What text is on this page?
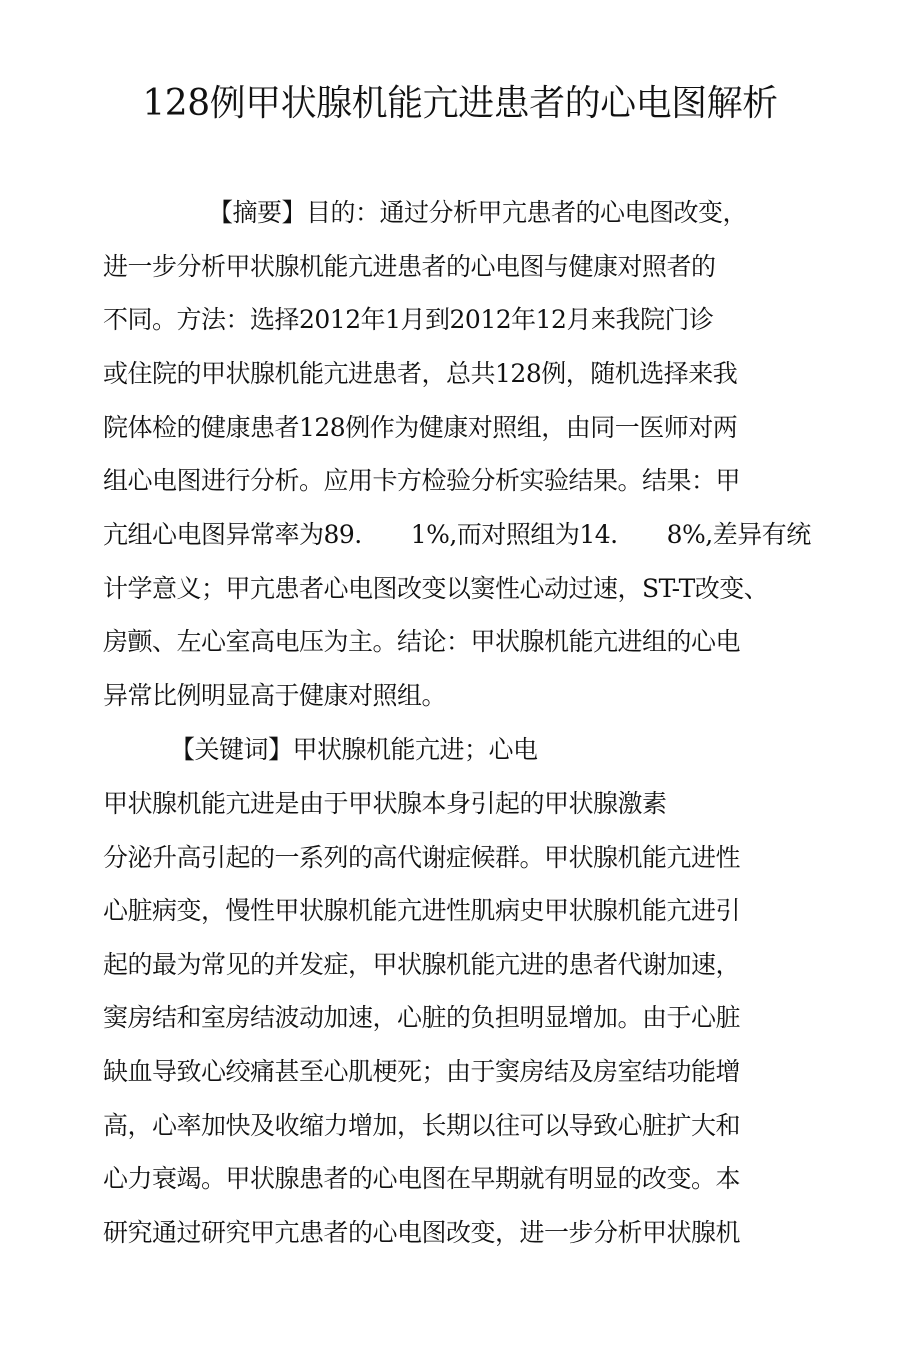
128例甲状腺机能亢进患者的心电图解析
【摘要】目的：通过分析甲亢患者的心电图改变，
进一步分析甲状腺机能亢进患者的心电图与健康对照者的
不同。方法：选择2012年1月到2012年12月来我院门诊
或住院的甲状腺机能亢进患者，总共128例，随机选择来我
院体检的健康患者128例作为健康对照组，由同一医师对两
组心电图进行分析。应用卡方检验分析实验结果。结果：甲
亢组心电图异常率为89.　　1%,而对照组为14.　　8%,差异有统
计学意义；甲亢患者心电图改变以窦性心动过速，ST-T改变、
房颤、左心室高电压为主。结论：甲状腺机能亢进组的心电
异常比例明显高于健康对照组。
【关键词】甲状腺机能亢进；心电
甲状腺机能亢进是由于甲状腺本身引起的甲状腺激素
分泌升高引起的一系列的高代谢症候群。甲状腺机能亢进性
心脏病变，慢性甲状腺机能亢进性肌病史甲状腺机能亢进引
起的最为常见的并发症，甲状腺机能亢进的患者代谢加速，
窦房结和室房结波动加速，心脏的负担明显增加。由于心脏
缺血导致心绞痛甚至心肌梗死；由于窦房结及房室结功能增
高，心率加快及收缩力增加，长期以往可以导致心脏扩大和
心力衰竭。甲状腺患者的心电图在早期就有明显的改变。本
研究通过研究甲亢患者的心电图改变，进一步分析甲状腺机
